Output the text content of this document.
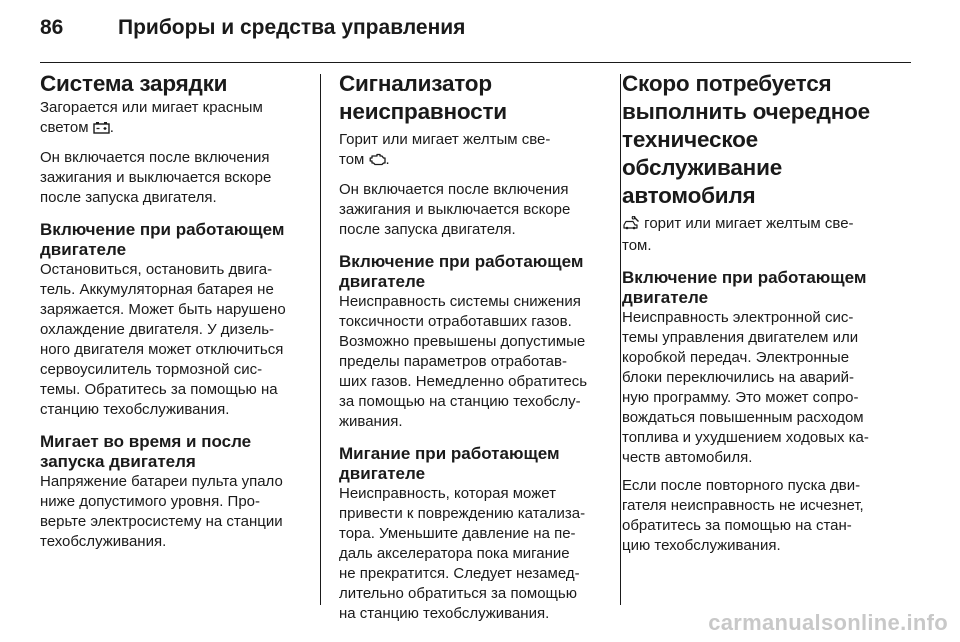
86	Приборы и средства управления
Система зарядки

Загорается или мигает красным
светом .

Он включается после включения
зажигания и выключается вскоре
после запуска двигателя.

Включение при работающем
двигателе

Остановиться, остановить двига-
тель. Аккумуляторная батарея не
заряжается. Может быть нарушено
охлаждение двигателя. У дизель-
ного двигателя может отключиться
сервоусилитель тормозной сис-
темы. Обратитесь за помощью на
станцию техобслуживания.

Мигает во время и после
запуска двигателя

Напряжение батареи пульта упало
ниже допустимого уровня. Про-
верьте электросистему на станции
техобслуживания.

Сигнализатор
неисправности

Горит или мигает желтым све-
том .

Он включается после включения
зажигания и выключается вскоре
после запуска двигателя.

Включение при работающем
двигателе

Неисправность системы снижения
токсичности отработавших газов.
Возможно превышены допустимые
пределы параметров отработав-
ших газов. Немедленно обратитесь
за помощью на станцию техобслу-
живания.

Мигание при работающем
двигателе

Неисправность, которая может
привести к повреждению катализа-
тора. Уменьшите давление на пе-
даль акселератора пока мигание
не прекратится. Следует незамед-
лительно обратиться за помощью
на станцию техобслуживания.

Скоро потребуется
выполнить очередное
техническое
обслуживание
автомобиля

горит или мигает желтым све-
том.

Включение при работающем
двигателе

Неисправность электронной сис-
темы управления двигателем или
коробкой передач. Электронные
блоки переключились на аварий-
ную программу. Это может сопро-
вождаться повышенным расходом
топлива и ухудшением ходовых ка-
честв автомобиля.

Если после повторного пуска дви-
гателя неисправность не исчезнет,
обратитесь за помощью на стан-
цию техобслуживания.

carmanualsonline.info
